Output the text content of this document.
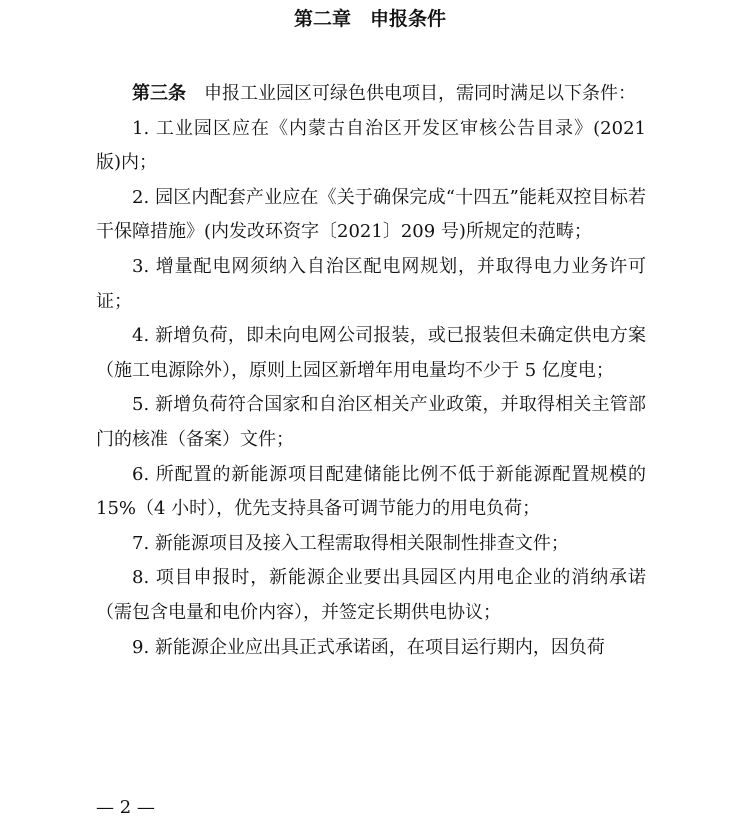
第二章　申报条件

第三条  申报工业园区可绿色供电项目，需同时满足以下条件：

1. 工业园区应在《内蒙古自治区开发区审核公告目录》(2021版)内；

2. 园区内配套产业应在《关于确保完成“十四五”能耗双控目标若干保障措施》(内发改环资字〔2021〕209 号)所规定的范畴；

3. 增量配电网须纳入自治区配电网规划，并取得电力业务许可证；

4. 新增负荷，即未向电网公司报装，或已报装但未确定供电方案（施工电源除外），原则上园区新增年用电量均不少于 5 亿度电；

5. 新增负荷符合国家和自治区相关产业政策，并取得相关主管部门的核准（备案）文件；

6. 所配置的新能源项目配建储能比例不低于新能源配置规模的 15%（4 小时），优先支持具备可调节能力的用电负荷；

7. 新能源项目及接入工程需取得相关限制性排查文件；

8. 项目申报时，新能源企业要出具园区内用电企业的消纳承诺（需包含电量和电价内容），并签定长期供电协议；

9. 新能源企业应出具正式承诺函，在项目运行期内，因负荷

— 2 —
